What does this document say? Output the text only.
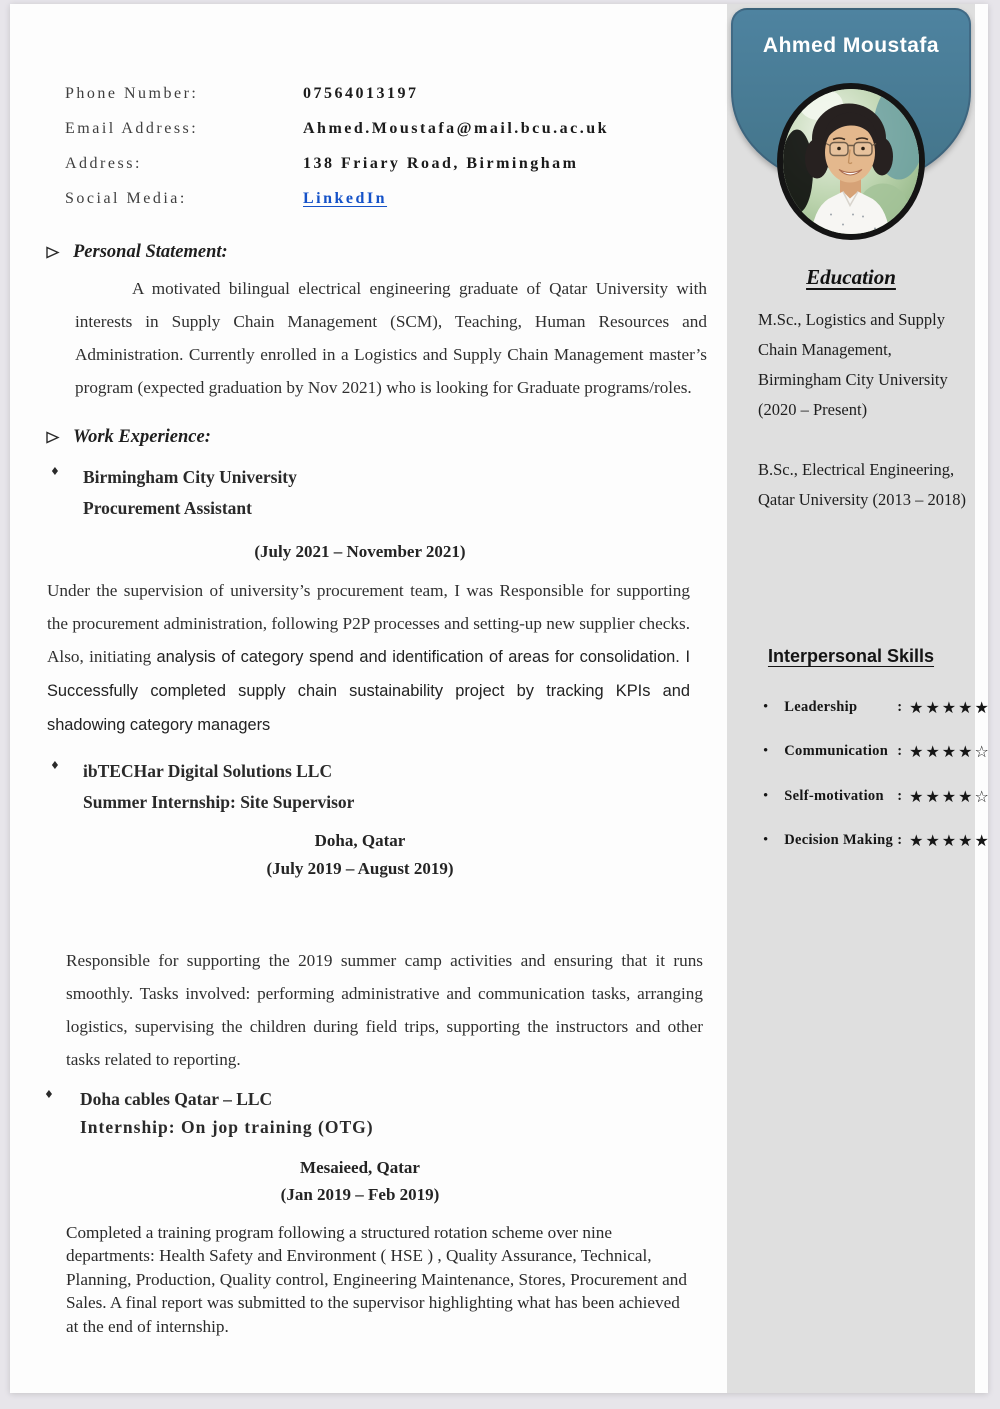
Phone Number:	07564013197
Email Address:	Ahmed.Moustafa@mail.bcu.ac.uk
Address:	138 Friary Road, Birmingham
Social Media:	LinkedIn
Personal Statement:

A motivated bilingual electrical engineering graduate of Qatar University with interests in Supply Chain Management (SCM), Teaching, Human Resources and Administration. Currently enrolled in a Logistics and Supply Chain Management master’s program (expected graduation by Nov 2021) who is looking for Graduate programs/roles.

Work Experience:
♦ Birmingham City University
Procurement Assistant
(July 2021 – November 2021)

Under the supervision of university’s procurement team, I was Responsible for supporting the procurement administration, following P2P processes and setting-up new supplier checks. Also, initiating analysis of category spend and identification of areas for consolidation. I Successfully completed supply chain sustainability project by tracking KPIs and shadowing category managers

♦ ibTECHar Digital Solutions LLC
Summer Internship: Site Supervisor
Doha, Qatar
(July 2019 – August 2019)

Responsible for supporting the 2019 summer camp activities and ensuring that it runs smoothly. Tasks involved: performing administrative and communication tasks, arranging logistics, supervising the children during field trips, supporting the instructors and other tasks related to reporting.

♦ Doha cables Qatar – LLC
Internship: On jop training (OTG)
Mesaieed, Qatar
(Jan 2019 – Feb 2019)

Completed a training program following a structured rotation scheme over nine departments: Health Safety and Environment ( HSE ) , Quality Assurance, Technical, Planning, Production, Quality control, Engineering Maintenance, Stores, Procurement and Sales. A final report was submitted to the supervisor highlighting what has been achieved at the end of internship.

Ahmed Moustafa
Education
M.Sc., Logistics and Supply Chain Management, Birmingham City University (2020 – Present)
B.Sc., Electrical Engineering, Qatar University (2013 – 2018)
Interpersonal Skills
• Leadership	: ★★★★★
• Communication : ★★★★☆
• Self-motivation : ★★★★☆
• Decision Making : ★★★★★
